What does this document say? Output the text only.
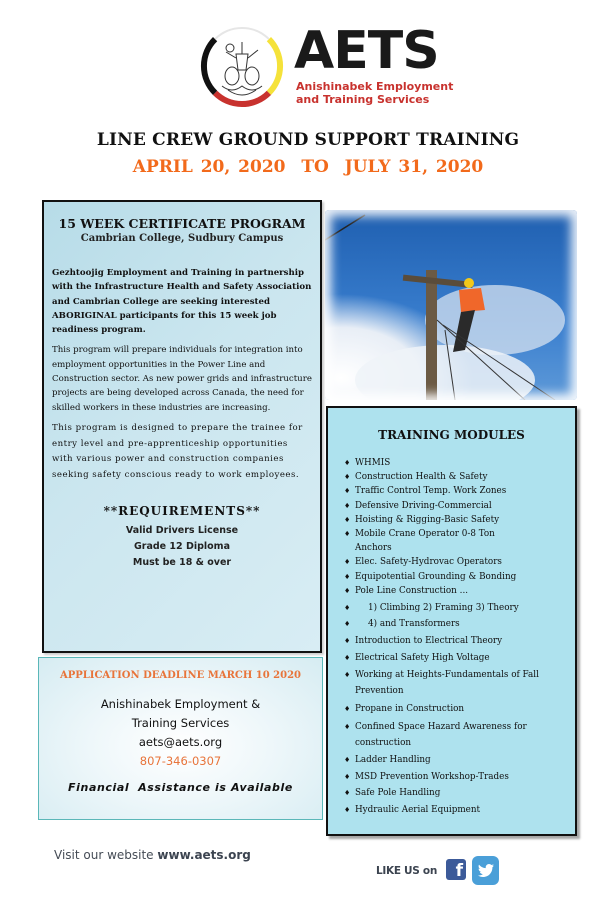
AETS
Anishinabek Employment
and Training Services
LINE CREW GROUND SUPPORT TRAINING
APRIL 20, 2020  TO  JULY 31, 2020
15 WEEK CERTIFICATE PROGRAM
Cambrian College, Sudbury Campus

Gezhtoojig Employment and Training in partnership with the Infrastructure Health and Safety Association and Cambrian College are seeking interested ABORIGINAL participants for this 15 week job readiness program.

This program will prepare individuals for integration into employment opportunities in the Power Line and Construction sector. As new power grids and infrastructure projects are being developed across Canada, the need for skilled workers in these industries are increasing.

This program is designed to prepare the trainee for entry level and pre-apprenticeship opportunities with various power and construction companies seeking safety conscious ready to work employees.

**REQUIREMENTS**
Valid Drivers License
Grade 12 Diploma
Must be 18 & over
APPLICATION DEADLINE MARCH 10 2020
Anishinabek Employment &
Training Services
aets@aets.org
807-346-0307
Financial  Assistance is Available
TRAINING MODULES
♦ WHMIS
♦ Construction Health & Safety
♦ Traffic Control Temp. Work Zones
♦ Defensive Driving-Commercial
♦ Hoisting & Rigging-Basic Safety
♦ Mobile Crane Operator 0-8 Ton Anchors
♦ Elec. Safety-Hydrovac Operators
♦ Equipotential Grounding & Bonding
♦ Pole Line Construction ...
♦ 1) Climbing 2) Framing 3) Theory
♦ 4) and Transformers
♦ Introduction to Electrical Theory
♦ Electrical Safety High Voltage
♦ Working at Heights-Fundamentals of Fall Prevention
♦ Propane in Construction
♦ Confined Space Hazard Awareness for construction
♦ Ladder Handling
♦ MSD Prevention Workshop-Trades
♦ Safe Pole Handling
♦ Hydraulic Aerial Equipment
Visit our website www.aets.org
LIKE US on	f
